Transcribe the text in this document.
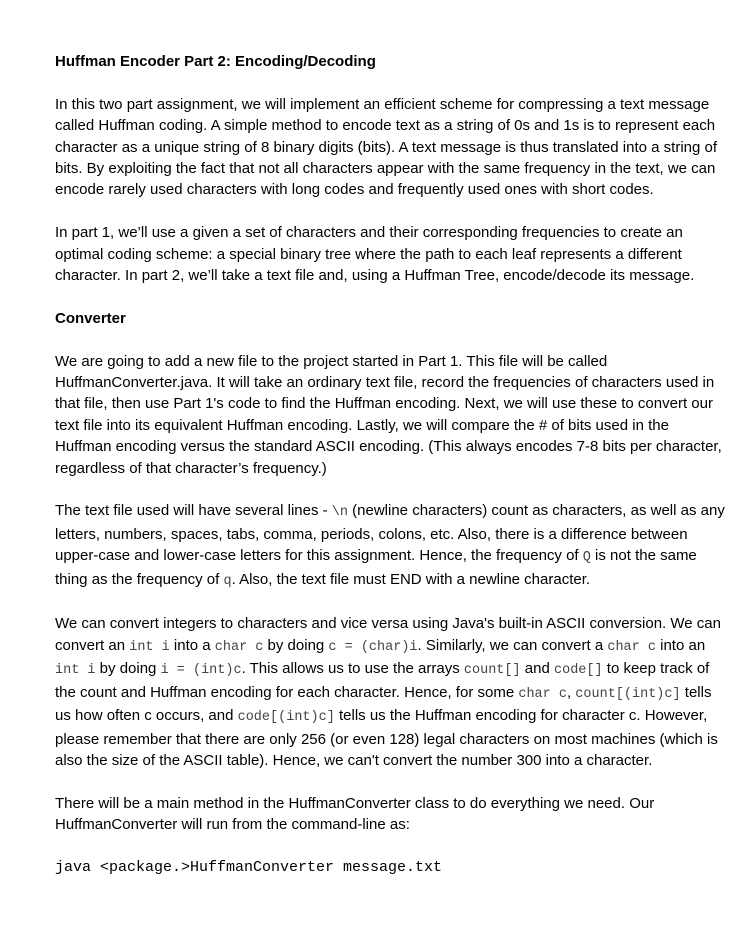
Huffman Encoder Part 2: Encoding/Decoding

In this two part assignment, we will implement an efficient scheme for compressing a text message called Huffman coding. A simple method to encode text as a string of 0s and 1s is to represent each character as a unique string of 8 binary digits (bits). A text message is thus translated into a string of bits. By exploiting the fact that not all characters appear with the same frequency in the text, we can encode rarely used characters with long codes and frequently used ones with short codes.

In part 1, we’ll use a given a set of characters and their corresponding frequencies to create an optimal coding scheme: a special binary tree where the path to each leaf represents a different character. In part 2, we’ll take a text file and, using a Huffman Tree, encode/decode its message.

Converter

We are going to add a new file to the project started in Part 1. This file will be called HuffmanConverter.java. It will take an ordinary text file, record the frequencies of characters used in that file, then use Part 1's code to find the Huffman encoding. Next, we will use these to convert our text file into its equivalent Huffman encoding. Lastly, we will compare the # of bits used in the Huffman encoding versus the standard ASCII encoding. (This always encodes 7-8 bits per character, regardless of that character’s frequency.)

The text file used will have several lines - \n (newline characters) count as characters, as well as any letters, numbers, spaces, tabs, comma, periods, colons, etc. Also, there is a difference between upper-case and lower-case letters for this assignment. Hence, the frequency of Q is not the same thing as the frequency of q. Also, the text file must END with a newline character.

We can convert integers to characters and vice versa using Java's built-in ASCII conversion. We can convert an int i into a char c by doing c = (char)i. Similarly, we can convert a char c into an int i by doing i = (int)c. This allows us to use the arrays count[] and code[] to keep track of the count and Huffman encoding for each character. Hence, for some char c, count[(int)c] tells us how often c occurs, and code[(int)c] tells us the Huffman encoding for character c. However, please remember that there are only 256 (or even 128) legal characters on most machines (which is also the size of the ASCII table). Hence, we can't convert the number 300 into a character.

There will be a main method in the HuffmanConverter class to do everything we need. Our HuffmanConverter will run from the command-line as:

java <package.>HuffmanConverter message.txt
